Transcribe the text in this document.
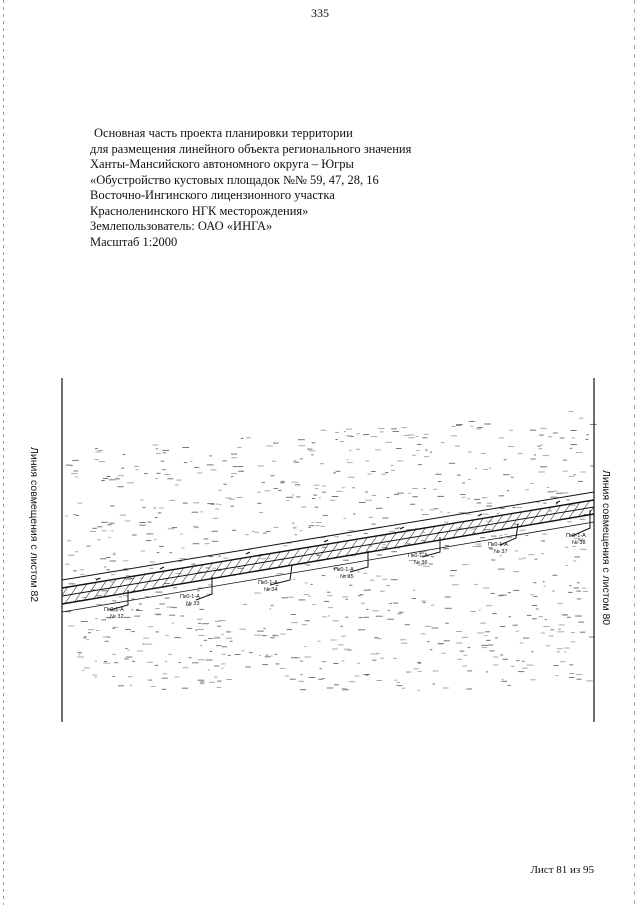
335
Основная часть проекта планировки территории
для размещения линейного объекта регионального значения
Ханты-Мансийского автономного округа – Югры
«Обустройство кустовых площадок №№ 59, 47, 28, 16
Восточно-Ингинского лицензионного участка
Красноленинского НГК месторождения»
Землепользователь: ОАО «ИНГА»
Масштаб 1:2000
Пк0-1-А
№ 32
Пк0-1-А
№ 33
Пк0-1-А
№ 34
Пк0-1-А
№ 35
Пк0-1-А
№ 36
Пк0-1-А
№ 37
Пк0-1-А
№ 38
Линия совмещения с листом 82	Линия совмещения с листом 80
Лист 81 из 95
